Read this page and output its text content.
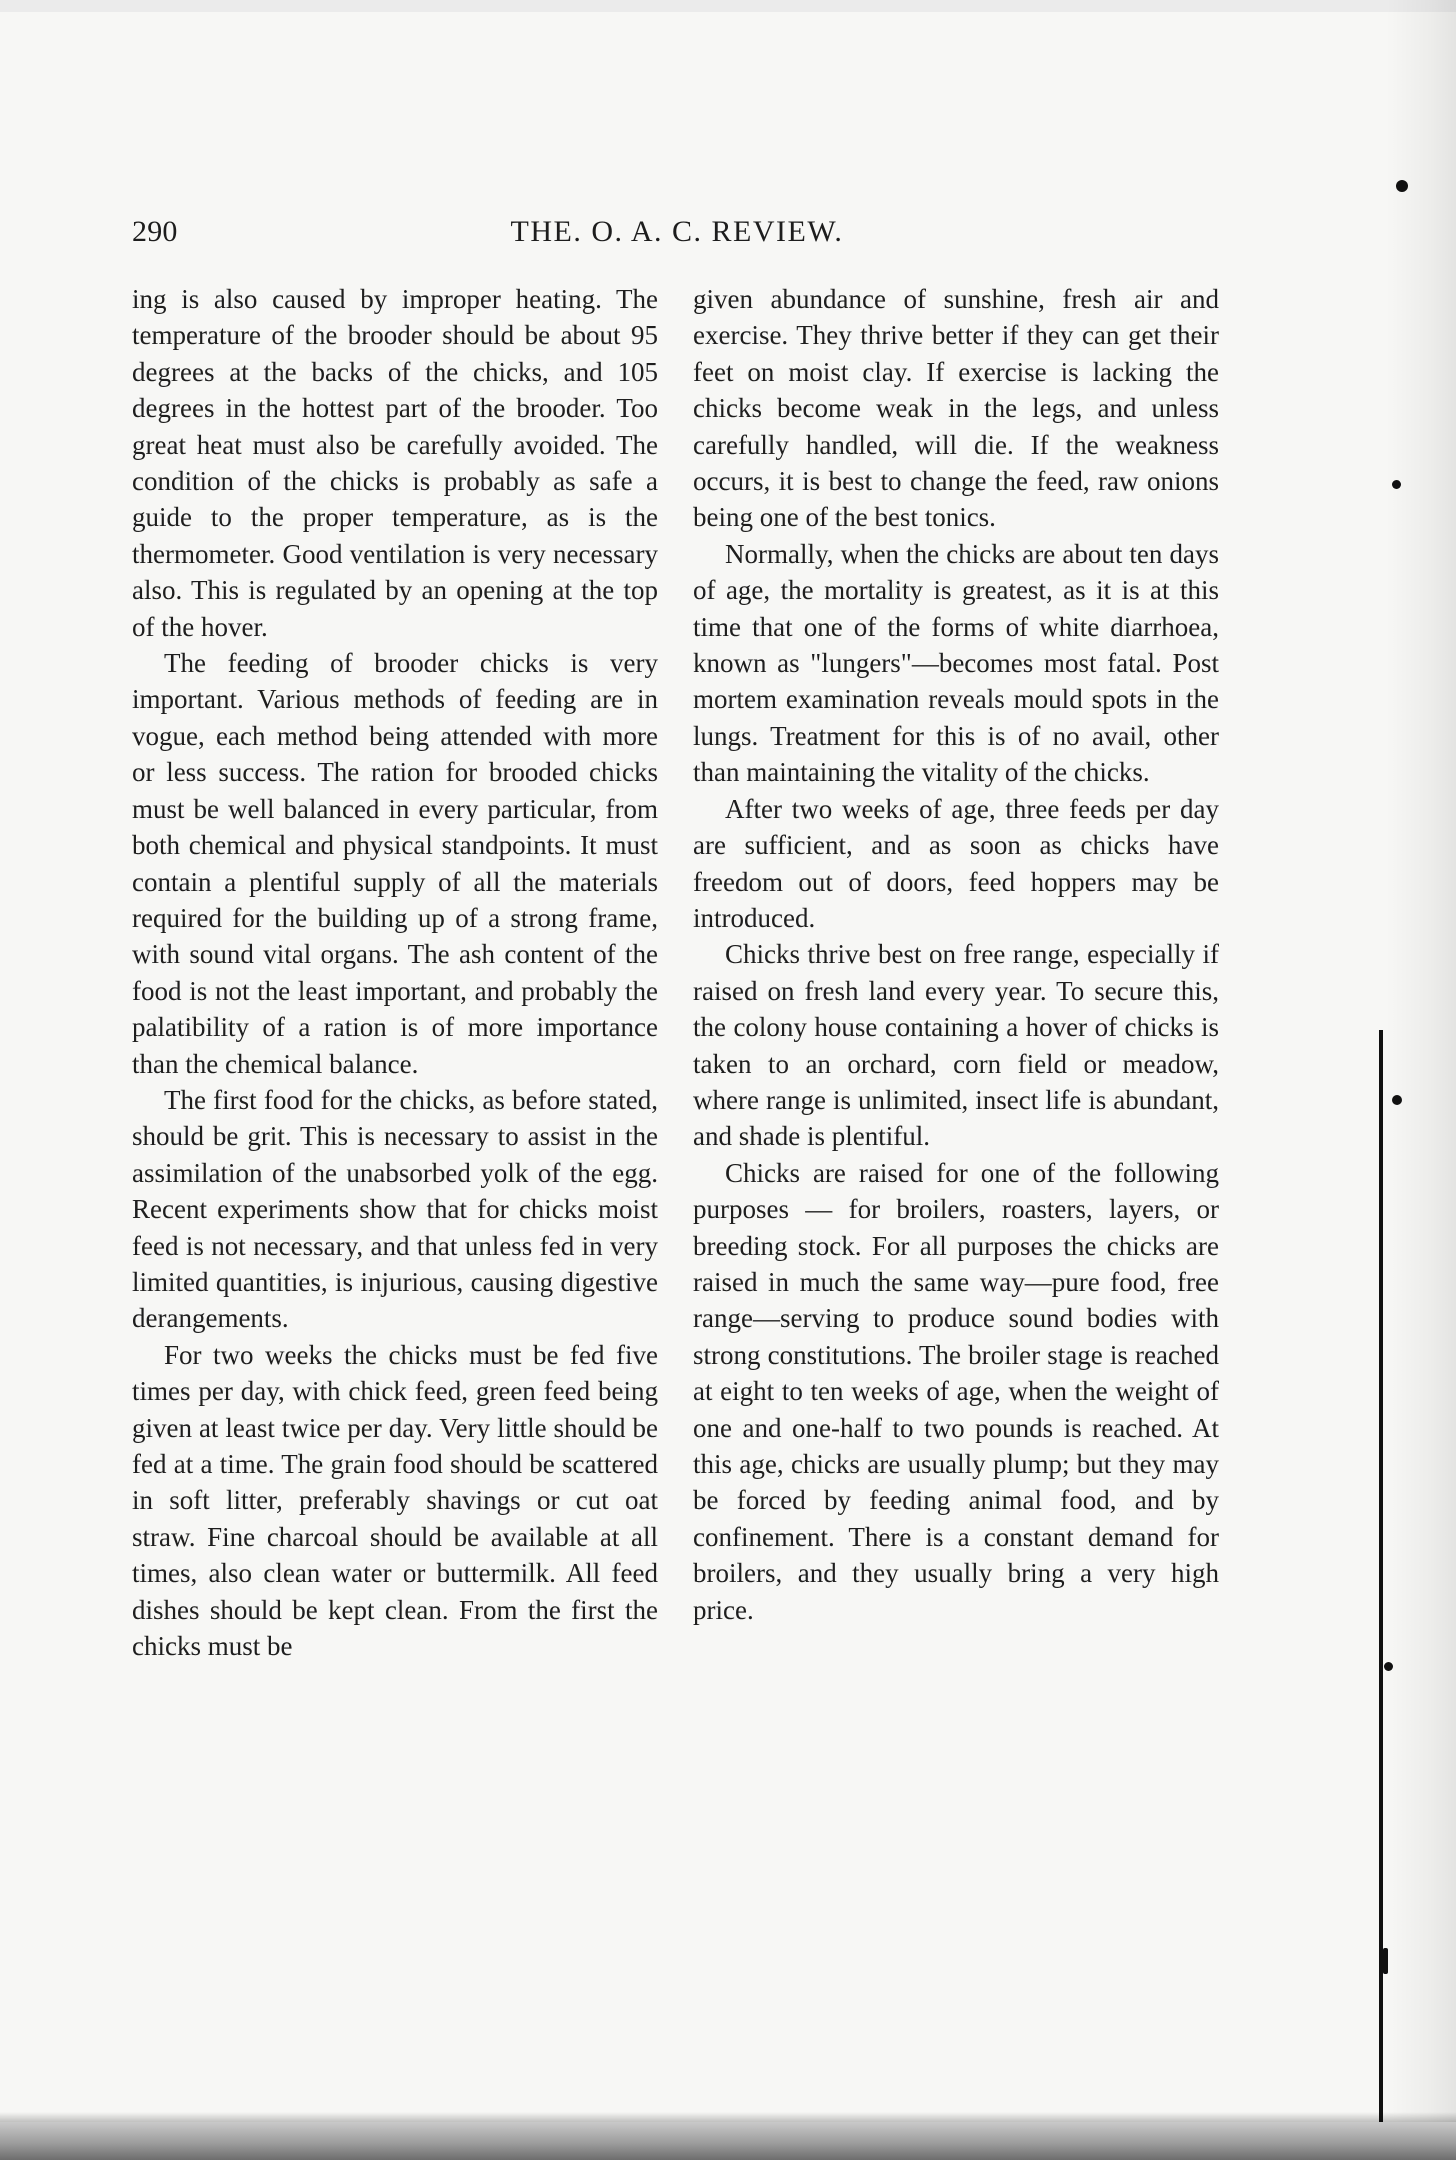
290	THE. O. A. C. REVIEW.

ing is also caused by improper heating. The temperature of the brooder should be about 95 degrees at the backs of the chicks, and 105 degrees in the hottest part of the brooder. Too great heat must also be carefully avoided. The condition of the chicks is probably as safe a guide to the proper temperature, as is the thermometer. Good ventilation is very necessary also. This is regulated by an opening at the top of the hover.

The feeding of brooder chicks is very important. Various methods of feeding are in vogue, each method being attended with more or less success. The ration for brooded chicks must be well balanced in every particular, from both chemical and physical standpoints. It must contain a plentiful supply of all the materials required for the building up of a strong frame, with sound vital organs. The ash content of the food is not the least important, and probably the palatibility of a ration is of more importance than the chemical balance.

The first food for the chicks, as before stated, should be grit. This is necessary to assist in the assimilation of the unabsorbed yolk of the egg. Recent experiments show that for chicks moist feed is not necessary, and that unless fed in very limited quantities, is injurious, causing digestive derangements.

For two weeks the chicks must be fed five times per day, with chick feed, green feed being given at least twice per day. Very little should be fed at a time. The grain food should be scattered in soft litter, preferably shavings or cut oat straw. Fine charcoal should be available at all times, also clean water or buttermilk. All feed dishes should be kept clean. From the first the chicks must be

given abundance of sunshine, fresh air and exercise. They thrive better if they can get their feet on moist clay. If exercise is lacking the chicks become weak in the legs, and unless carefully handled, will die. If the weakness occurs, it is best to change the feed, raw onions being one of the best tonics.

Normally, when the chicks are about ten days of age, the mortality is greatest, as it is at this time that one of the forms of white diarrhoea, known as "lungers"—becomes most fatal. Post mortem examination reveals mould spots in the lungs. Treatment for this is of no avail, other than maintaining the vitality of the chicks.

After two weeks of age, three feeds per day are sufficient, and as soon as chicks have freedom out of doors, feed hoppers may be introduced.

Chicks thrive best on free range, especially if raised on fresh land every year. To secure this, the colony house containing a hover of chicks is taken to an orchard, corn field or meadow, where range is unlimited, insect life is abundant, and shade is plentiful.

Chicks are raised for one of the following purposes — for broilers, roasters, layers, or breeding stock. For all purposes the chicks are raised in much the same way—pure food, free range—serving to produce sound bodies with strong constitutions. The broiler stage is reached at eight to ten weeks of age, when the weight of one and one-half to two pounds is reached. At this age, chicks are usually plump; but they may be forced by feeding animal food, and by confinement. There is a constant demand for broilers, and they usually bring a very high price.
